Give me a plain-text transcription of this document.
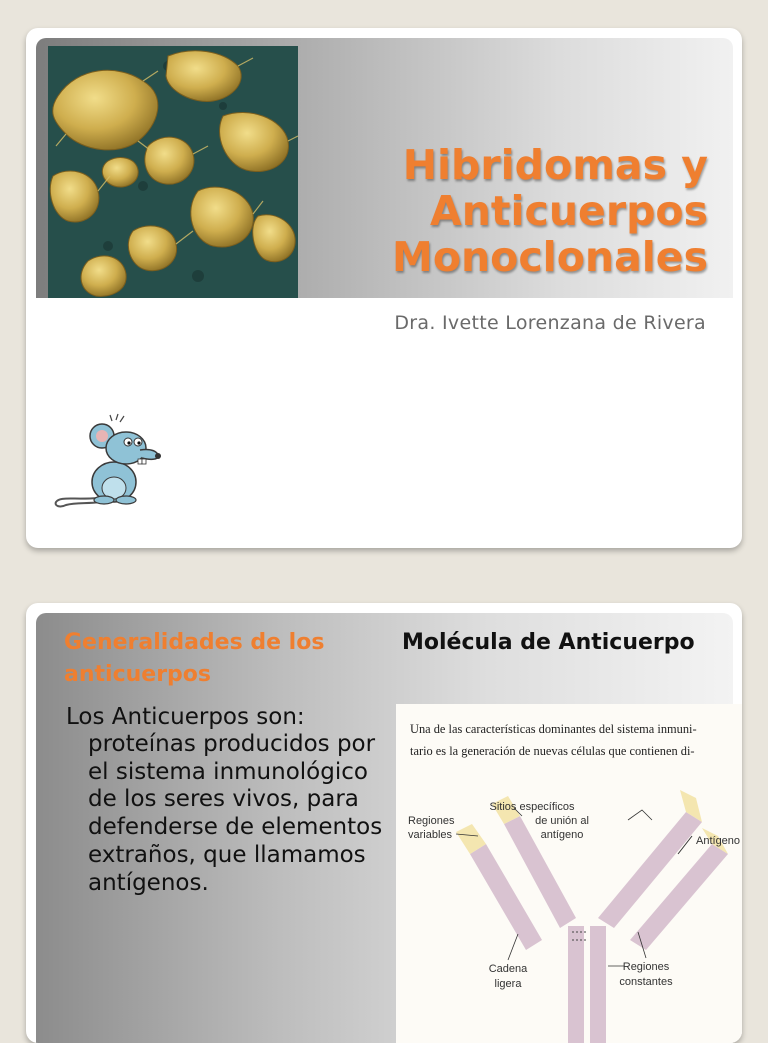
Hibridomas y
Anticuerpos
Monoclonales
Dra. Ivette Lorenzana de Rivera
Generalidades de los anticuerpos
Molécula de Anticuerpo
Los Anticuerpos son:
proteínas producidos por el sistema inmunológico de los seres vivos, para defenderse de elementos extraños, que llamamos antígenos.
Una de las características dominantes del sistema inmuni-
tario es la generación de nuevas células que contienen di-
Regiones
variables
Sitios específicos
de unión al
antígeno	Antígeno
Cadena
ligera
Regiones
constantes
